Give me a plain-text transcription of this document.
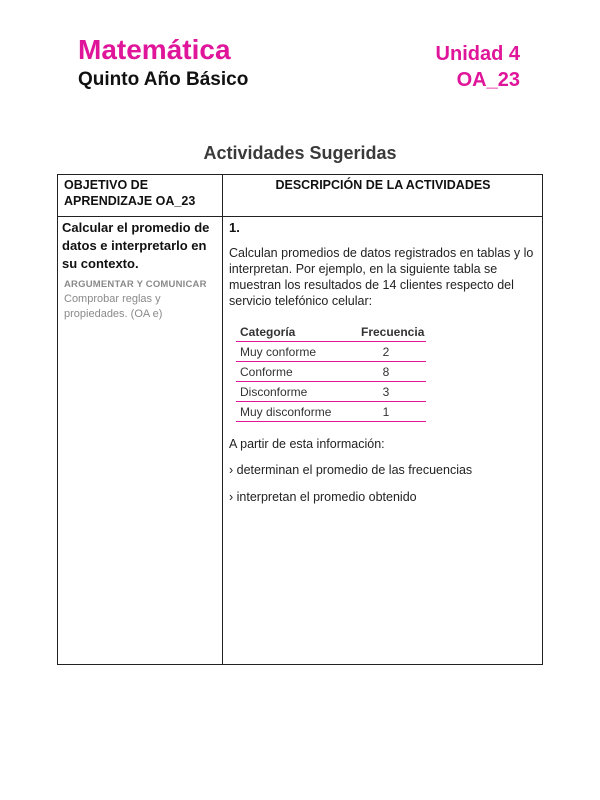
Matemática
Quinto Año Básico
Unidad 4
OA_23
Actividades Sugeridas
OBJETIVO DE APRENDIZAJE OA_23
DESCRIPCIÓN DE LA ACTIVIDADES
Calcular el promedio de datos e interpretarlo en su contexto.
ARGUMENTAR Y COMUNICAR
Comprobar reglas y propiedades. (OA e)
1.
Calculan promedios de datos registrados en tablas y lo interpretan. Por ejemplo, en la siguiente tabla se muestran los resultados de 14 clientes respecto del servicio telefónico celular:
Categoría	Frecuencia
Muy conforme	2
Conforme	8
Disconforme	3
Muy disconforme	1
A partir de esta información:
› determinan el promedio de las frecuencias
› interpretan el promedio obtenido
